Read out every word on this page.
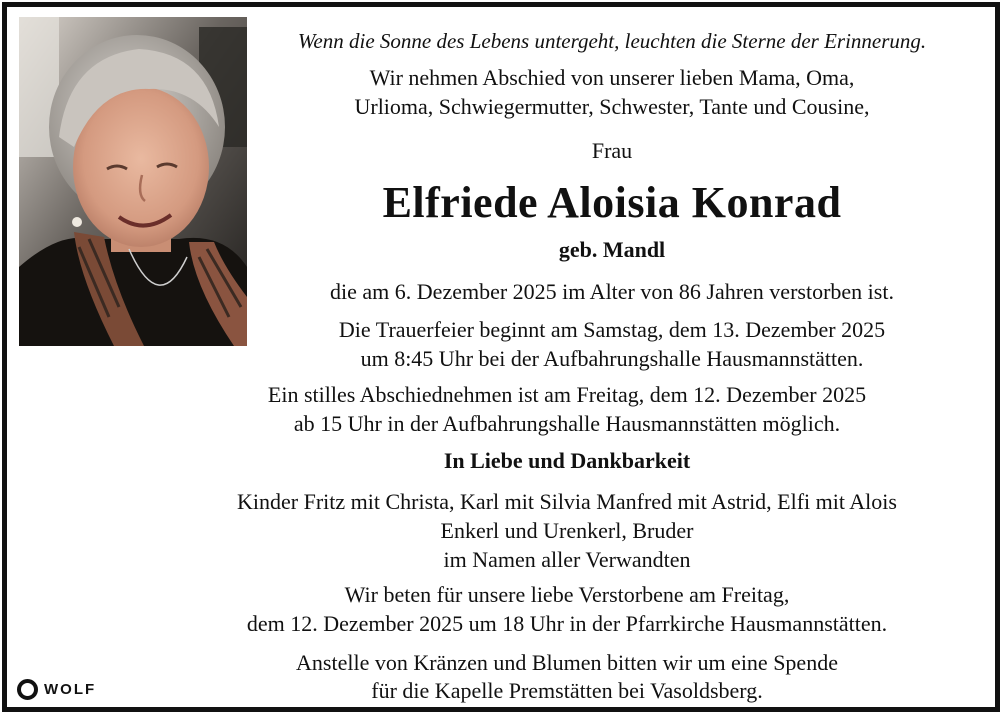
Wenn die Sonne des Lebens untergeht, leuchten die Sterne der Erinnerung.
Wir nehmen Abschied von unserer lieben Mama, Oma,
Urlioma, Schwiegermutter, Schwester, Tante und Cousine,
Frau
Elfriede Aloisia Konrad
geb. Mandl
die am 6. Dezember 2025 im Alter von 86 Jahren verstorben ist.
Die Trauerfeier beginnt am Samstag, dem 13. Dezember 2025
um 8:45 Uhr bei der Aufbahrungshalle Hausmannstätten.
Ein stilles Abschiednehmen ist am Freitag, dem 12. Dezember 2025
ab 15 Uhr in der Aufbahrungshalle Hausmannstätten möglich.
In Liebe und Dankbarkeit
Kinder Fritz mit Christa, Karl mit Silvia Manfred mit Astrid, Elfi mit Alois
Enkerl und Urenkerl, Bruder
im Namen aller Verwandten
Wir beten für unsere liebe Verstorbene am Freitag,
dem 12. Dezember 2025 um 18 Uhr in der Pfarrkirche Hausmannstätten.
Anstelle von Kränzen und Blumen bitten wir um eine Spende
für die Kapelle Premstätten bei Vasoldsberg.
WOLF
